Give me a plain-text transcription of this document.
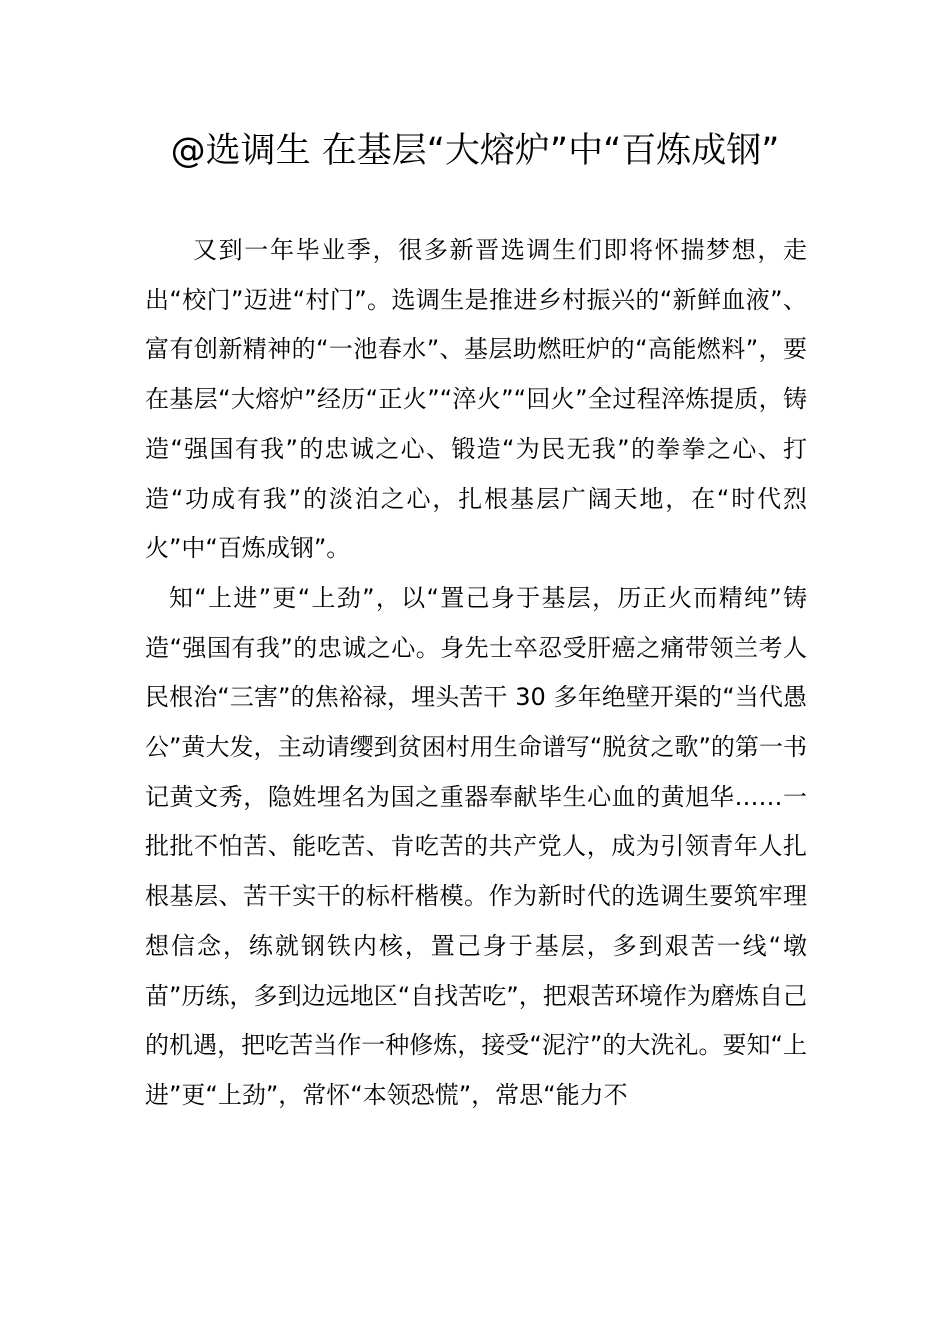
@选调生 在基层“大熔炉”中“百炼成钢”

又到一年毕业季，很多新晋选调生们即将怀揣梦想，走出“校门”迈进“村门”。选调生是推进乡村振兴的“新鲜血液”、富有创新精神的“一池春水”、基层助燃旺炉的“高能燃料”，要在基层“大熔炉”经历“正火”“淬火”“回火”全过程淬炼提质，铸造“强国有我”的忠诚之心、锻造“为民无我”的拳拳之心、打造“功成有我”的淡泊之心，扎根基层广阔天地，在“时代烈火”中“百炼成钢”。

知“上进”更“上劲”，以“置己身于基层，历正火而精纯”铸造“强国有我”的忠诚之心。身先士卒忍受肝癌之痛带领兰考人民根治“三害”的焦裕禄，埋头苦干 30 多年绝壁开渠的“当代愚公”黄大发，主动请缨到贫困村用生命谱写“脱贫之歌”的第一书记黄文秀，隐姓埋名为国之重器奉献毕生心血的黄旭华……一批批不怕苦、能吃苦、肯吃苦的共产党人，成为引领青年人扎根基层、苦干实干的标杆楷模。作为新时代的选调生要筑牢理想信念，练就钢铁内核，置己身于基层，多到艰苦一线“墩苗”历练，多到边远地区“自找苦吃”，把艰苦环境作为磨炼自己的机遇，把吃苦当作一种修炼，接受“泥泞”的大洗礼。要知“上进”更“上劲”，常怀“本领恐慌”，常思“能力不
